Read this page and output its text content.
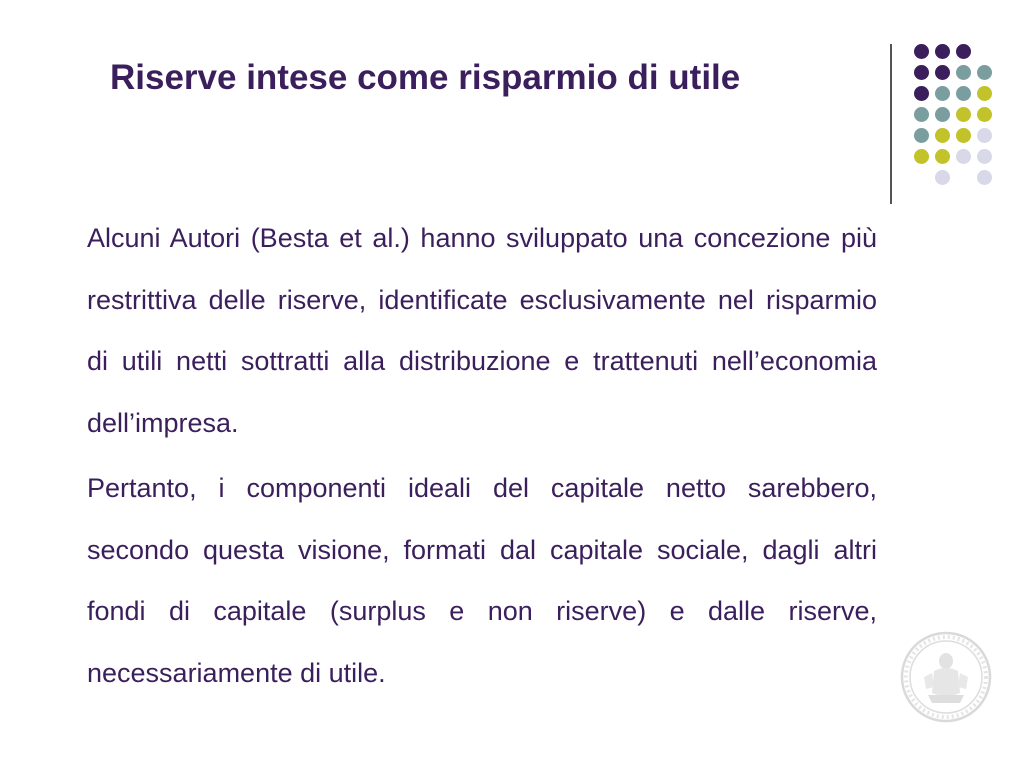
Riserve intese come risparmio di utile

Alcuni Autori (Besta et al.) hanno sviluppato una concezione più restrittiva delle riserve, identificate esclusivamente nel risparmio di utili netti sottratti alla distribuzione e trattenuti nell’economia dell’impresa.

Pertanto, i componenti ideali del capitale netto sarebbero, secondo questa visione, formati dal capitale sociale, dagli altri fondi di capitale (surplus e non riserve) e dalle riserve, necessariamente di utile.
